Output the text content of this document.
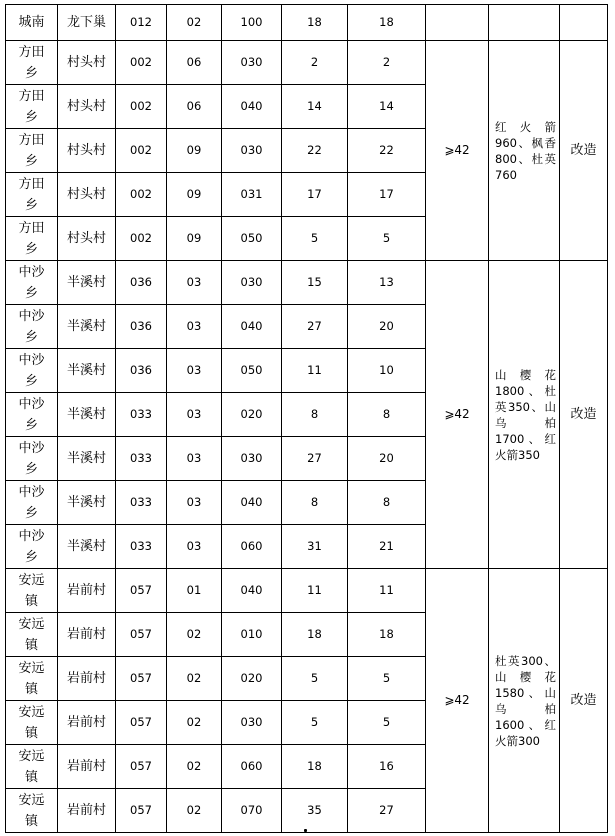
城南	龙下巢	012	02	100	18	18			
方田乡	村头村	002	06	030	2	2	⩾42	红火箭960、枫香800、杜英760	改造
方田乡	村头村	002	06	040	14	14			
方田乡	村头村	002	09	030	22	22			
方田乡	村头村	002	09	031	17	17			
方田乡	村头村	002	09	050	5	5			
中沙乡	半溪村	036	03	030	15	13	⩾42	山樱花1800、杜英350、山乌柏1700、红火箭350	改造
中沙乡	半溪村	036	03	040	27	20			
中沙乡	半溪村	036	03	050	11	10			
中沙乡	半溪村	033	03	020	8	8			
中沙乡	半溪村	033	03	030	27	20			
中沙乡	半溪村	033	03	040	8	8			
中沙乡	半溪村	033	03	060	31	21			
安远镇	岩前村	057	01	040	11	11	⩾42	杜英300、山樱花1580、山乌柏1600、红火箭300	改造
安远镇	岩前村	057	02	010	18	18			
安远镇	岩前村	057	02	020	5	5			
安远镇	岩前村	057	02	030	5	5			
安远镇	岩前村	057	02	060	18	16			
安远镇	岩前村	057	02	070	35	27			
